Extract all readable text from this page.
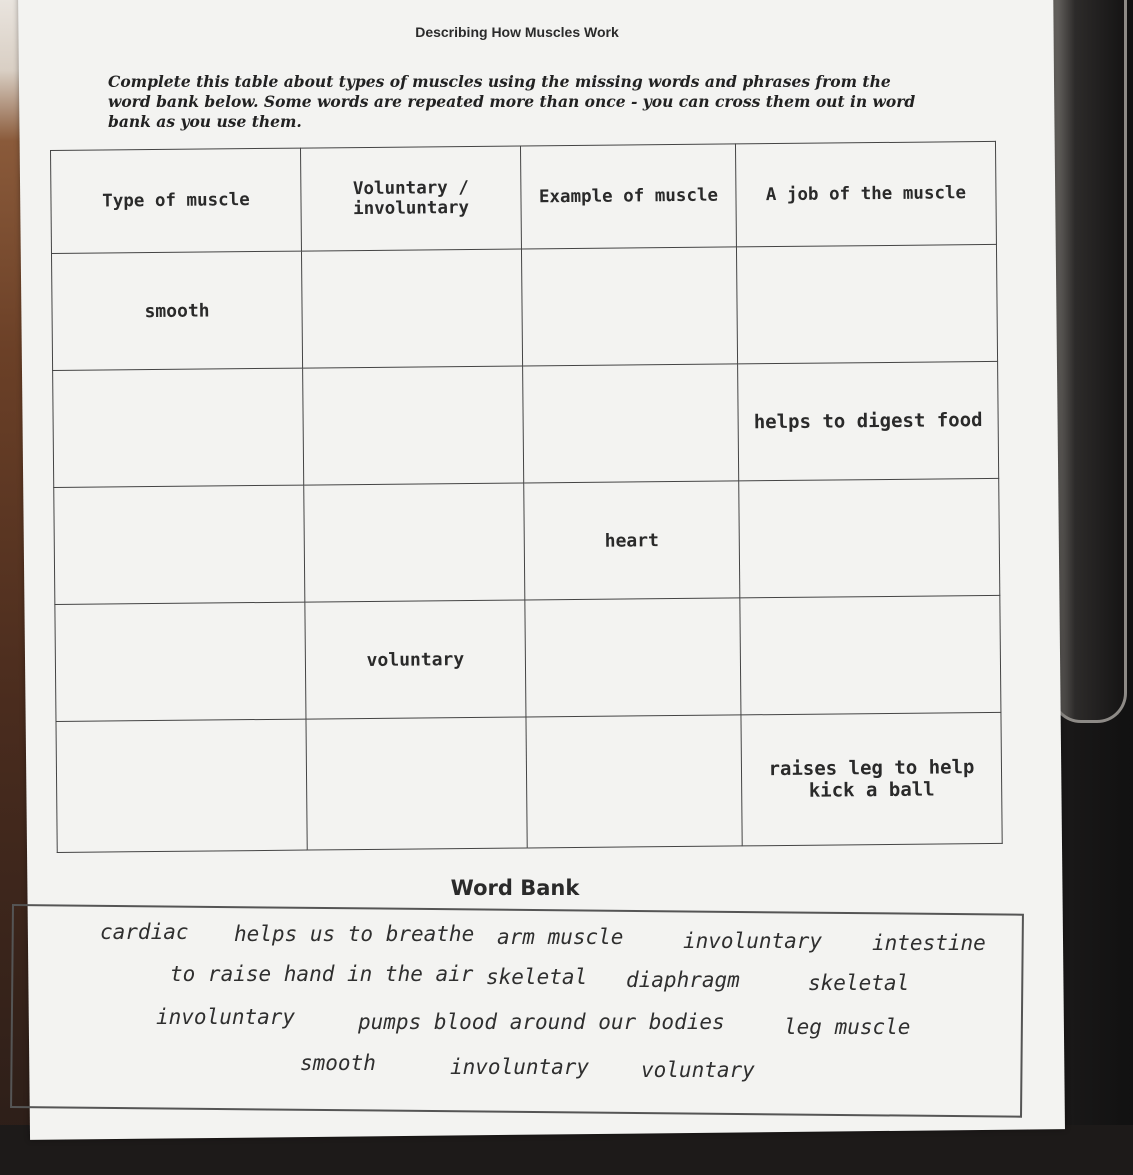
Describing How Muscles Work
Complete this table about types of muscles using the missing words and phrases from the word bank below. Some words are repeated more than once - you can cross them out in word bank as you use them.
Type of muscle	Voluntary / involuntary	Example of muscle	A job of the muscle
smooth			
			helps to digest food
		heart	
	voluntary		
			raises leg to help kick a ball
Word Bank
cardiac helps us to breathe arm muscle	involuntary intestine
to raise hand in the air skeletal diaphragm	skeletal
involuntary	pumps blood around our bodies	leg muscle
smooth	involuntary voluntary
